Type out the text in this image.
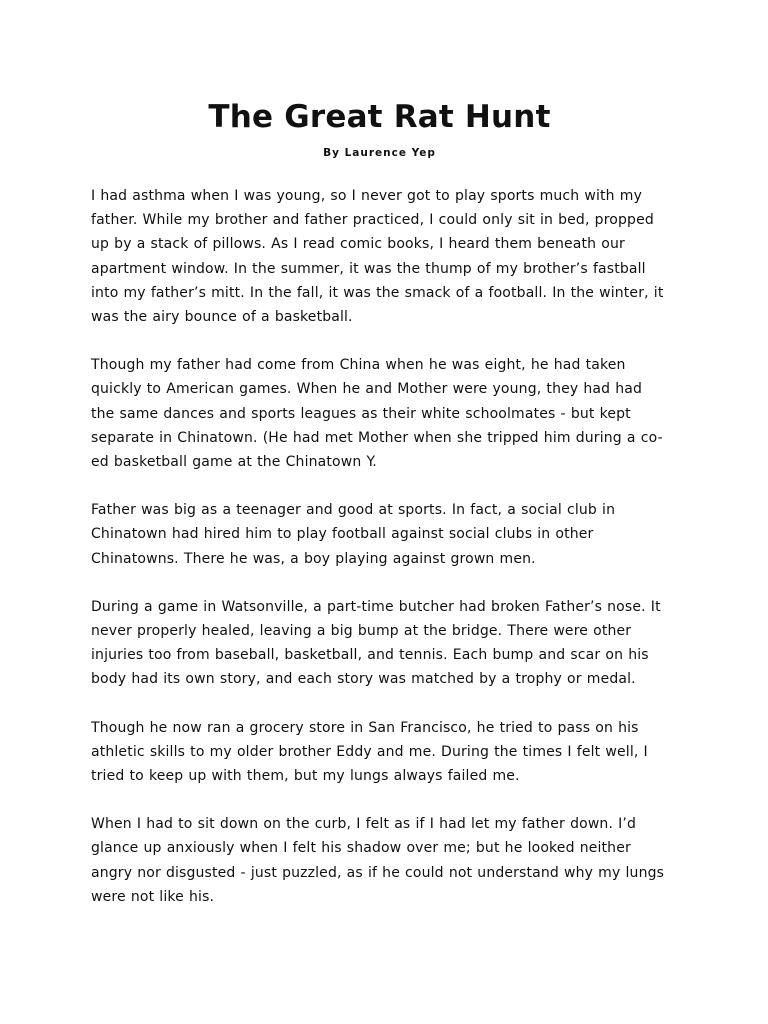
The Great Rat Hunt
By Laurence Yep

I had asthma when I was young, so I never got to play sports much with my father. While my brother and father practiced, I could only sit in bed, propped up by a stack of pillows. As I read comic books, I heard them beneath our apartment window. In the summer, it was the thump of my brother’s fastball into my father’s mitt. In the fall, it was the smack of a football. In the winter, it was the airy bounce of a basketball.

Though my father had come from China when he was eight, he had taken quickly to American games. When he and Mother were young, they had had the same dances and sports leagues as their white schoolmates - but kept separate in Chinatown. (He had met Mother when she tripped him during a co-ed basketball game at the Chinatown Y.

Father was big as a teenager and good at sports. In fact, a social club in Chinatown had hired him to play football against social clubs in other Chinatowns. There he was, a boy playing against grown men.

During a game in Watsonville, a part-time butcher had broken Father’s nose. It never properly healed, leaving a big bump at the bridge. There were other injuries too from baseball, basketball, and tennis. Each bump and scar on his body had its own story, and each story was matched by a trophy or medal.

Though he now ran a grocery store in San Francisco, he tried to pass on his athletic skills to my older brother Eddy and me. During the times I felt well, I tried to keep up with them, but my lungs always failed me.

When I had to sit down on the curb, I felt as if I had let my father down. I’d glance up anxiously when I felt his shadow over me; but he looked neither angry nor disgusted - just puzzled, as if he could not understand why my lungs were not like his.
